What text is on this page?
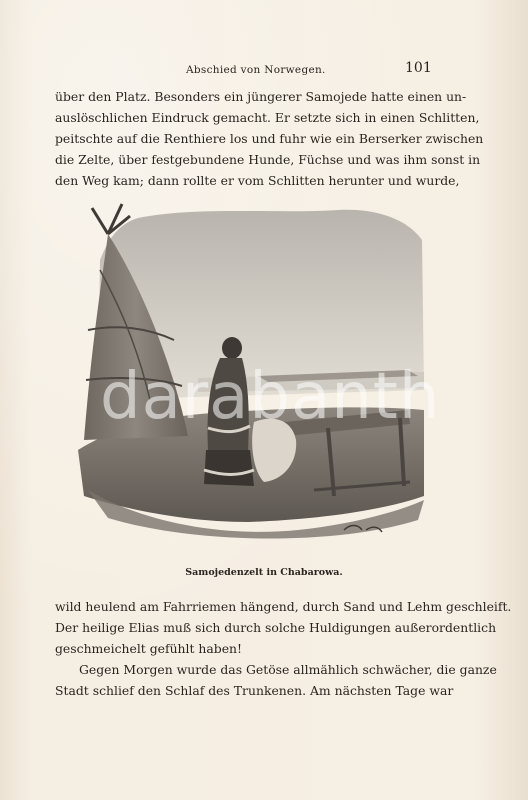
Abschied von Norwegen.	101
über den Platz. Besonders ein jüngerer Samojede hatte einen un-
auslöschlichen Eindruck gemacht. Er setzte sich in einen Schlitten,
peitschte auf die Renthiere los und fuhr wie ein Berserker zwischen
die Zelte, über festgebundene Hunde, Füchse und was ihm sonst in
den Weg kam; dann rollte er vom Schlitten herunter und wurde,
darabanth
Samojedenzelt in Chabarowa.
wild heulend am Fahrriemen hängend, durch Sand und Lehm geschleift.
Der heilige Elias muß sich durch solche Huldigungen außerordentlich
geschmeichelt gefühlt haben!
Gegen Morgen wurde das Getöse allmählich schwächer, die ganze
Stadt schlief den Schlaf des Trunkenen. Am nächsten Tage war
